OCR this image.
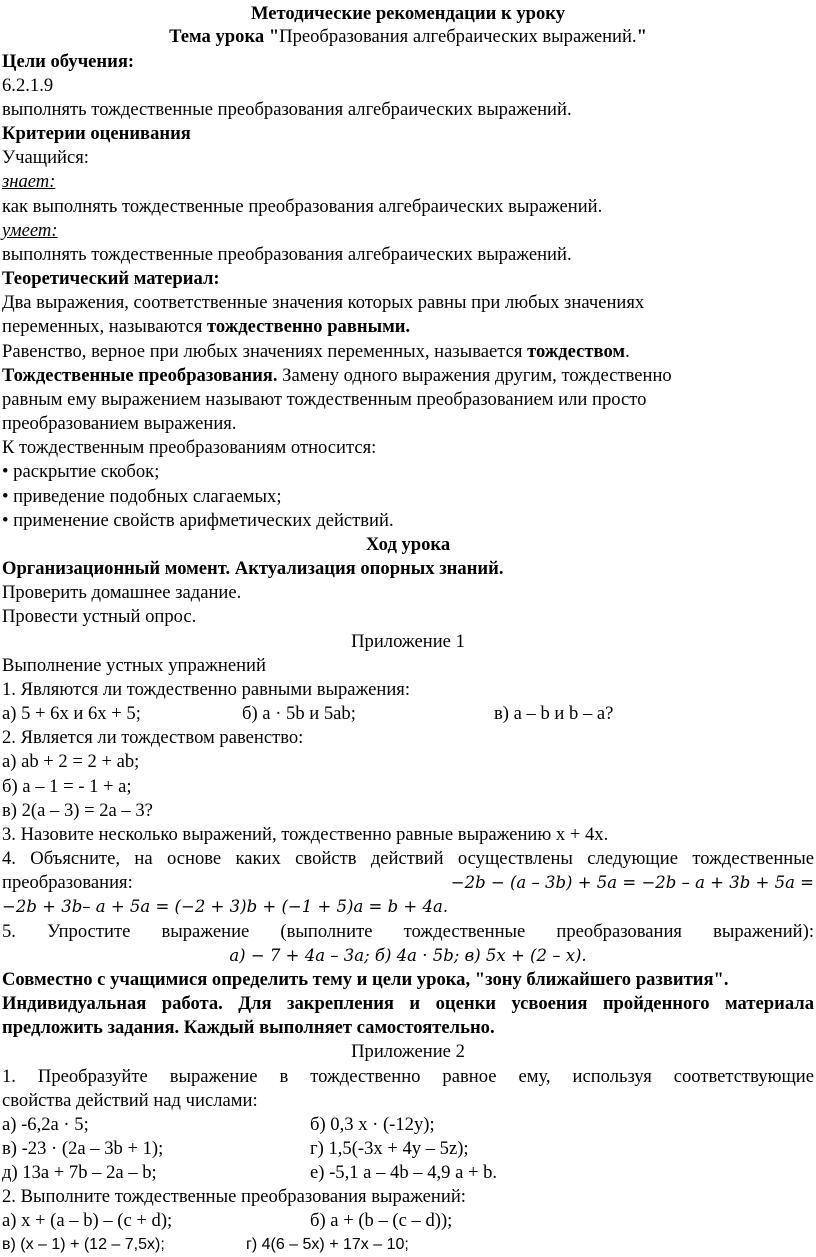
Методические рекомендации к уроку
Тема урока "Преобразования алгебраических выражений."
Цели обучения:
6.2.1.9
выполнять тождественные преобразования алгебраических выражений.
Критерии оценивания
Учащийся:
знает:
как выполнять тождественные преобразования алгебраических выражений.
умеет:
выполнять тождественные преобразования алгебраических выражений.
Теоретический материал:
Два выражения, соответственные значения которых равны при любых значениях
переменных, называются тождественно равными.
Равенство, верное при любых значениях переменных, называется тождеством.
Тождественные преобразования. Замену одного выражения другим, тождественно
равным ему выражением называют тождественным преобразованием или просто
преобразованием выражения.
К тождественным преобразованиям относится:
• раскрытие скобок;
• приведение подобных слагаемых;
• применение свойств арифметических действий.
Ход урока
Организационный момент. Актуализация опорных знаний.
Проверить домашнее задание.
Провести устный опрос.
Приложение 1
Выполнение устных упражнений
1. Являются ли тождественно равными выражения:
а) 5 + 6х и 6х + 5;	б) а · 5b и 5аb;	в) а – b и b – а?
2. Является ли тождеством равенство:
а) аb + 2 = 2 + аb;
б) а – 1 = - 1 + а;
в) 2(а – 3) = 2а – 3?
3. Назовите несколько выражений, тождественно равные выражению х + 4х.
4. Объясните, на основе каких свойств действий осуществлены следующие тождественные
преобразования:	−2𝑏 − (𝑎 – 3𝑏) + 5𝑎 = −2𝑏 – 𝑎 + 3𝑏 + 5𝑎 =
−2𝑏 + 3𝑏– 𝑎 + 5𝑎 = (−2 + 3)𝑏 + (−1 + 5)а = 𝑏 + 4а.
5. Упростите выражение (выполните тождественные преобразования выражений):
а) − 7 + 4а – 3а; б) 4а · 5𝑏; в) 5х + (2 – х).
Совместно с учащимися определить тему и цели урока, "зону ближайшего развития".
Индивидуальная работа. Для закрепления и оценки усвоения пройденного материала
предложить задания. Каждый выполняет самостоятельно.
Приложение 2
1. Преобразуйте выражение в тождественно равное ему, используя соответствующие
свойства действий над числами:
а) -6,2а · 5;	б) 0,3 х · (-12у);
в) -23 · (2а – 3b + 1);	г) 1,5(-3х + 4у – 5z);
д) 13а + 7b – 2а – b;	е) -5,1 а – 4b – 4,9 а + b.
2. Выполните тождественные преобразования выражений:
а) х + (а – b) – (с + d);	б) а + (b – (с – d));
в) (х – 1) + (12 – 7,5х);	г) 4(6 – 5х) + 17х – 10;
